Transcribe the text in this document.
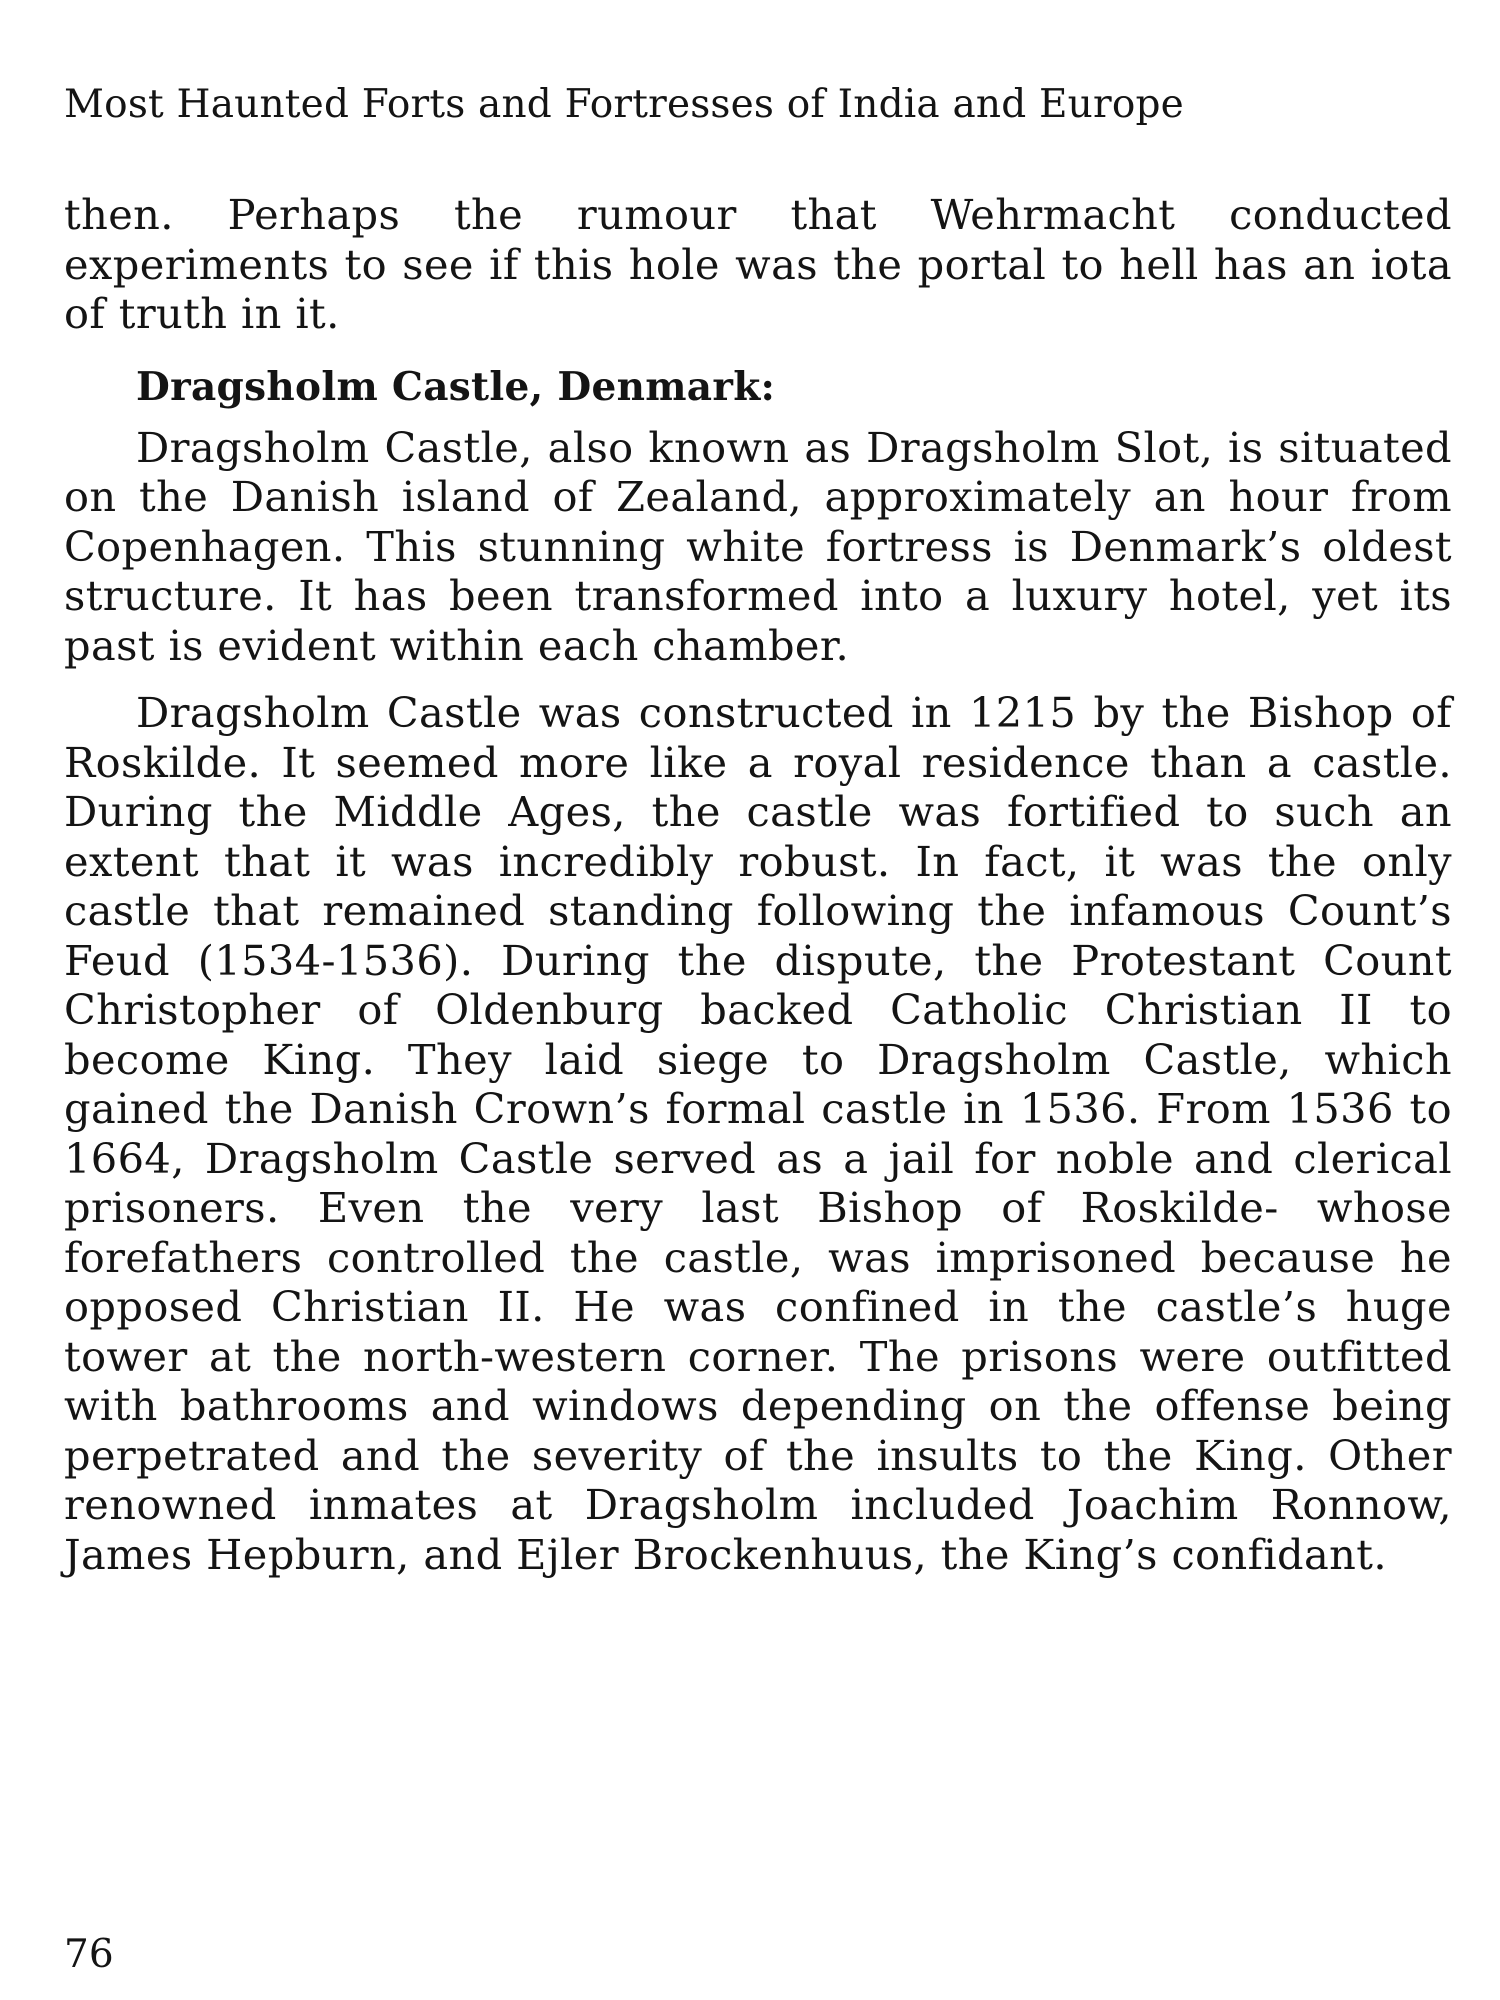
Most Haunted Forts and Fortresses of India and Europe

then. Perhaps the rumour that Wehrmacht conducted experiments to see if this hole was the portal to hell has an iota of truth in it.

Dragsholm Castle, Denmark:

Dragsholm Castle, also known as Dragsholm Slot, is situated on the Danish island of Zealand, approximately an hour from Copenhagen. This stunning white fortress is Denmark’s oldest structure. It has been transformed into a luxury hotel, yet its past is evident within each chamber.

Dragsholm Castle was constructed in 1215 by the Bishop of Roskilde. It seemed more like a royal residence than a castle. During the Middle Ages, the castle was fortified to such an extent that it was incredibly robust. In fact, it was the only castle that remained standing following the infamous Count’s Feud (1534-1536). During the dispute, the Protestant Count Christopher of Oldenburg backed Catholic Christian II to become King. They laid siege to Dragsholm Castle, which gained the Danish Crown’s formal castle in 1536. From 1536 to 1664, Dragsholm Castle served as a jail for noble and clerical prisoners. Even the very last Bishop of Roskilde- whose forefathers controlled the castle, was imprisoned because he opposed Christian II. He was confined in the castle’s huge tower at the north-western corner. The prisons were outfitted with bathrooms and windows depending on the offense being perpetrated and the severity of the insults to the King. Other renowned inmates at Dragsholm included Joachim Ronnow, James Hepburn, and Ejler Brockenhuus, the King’s confidant.

76
